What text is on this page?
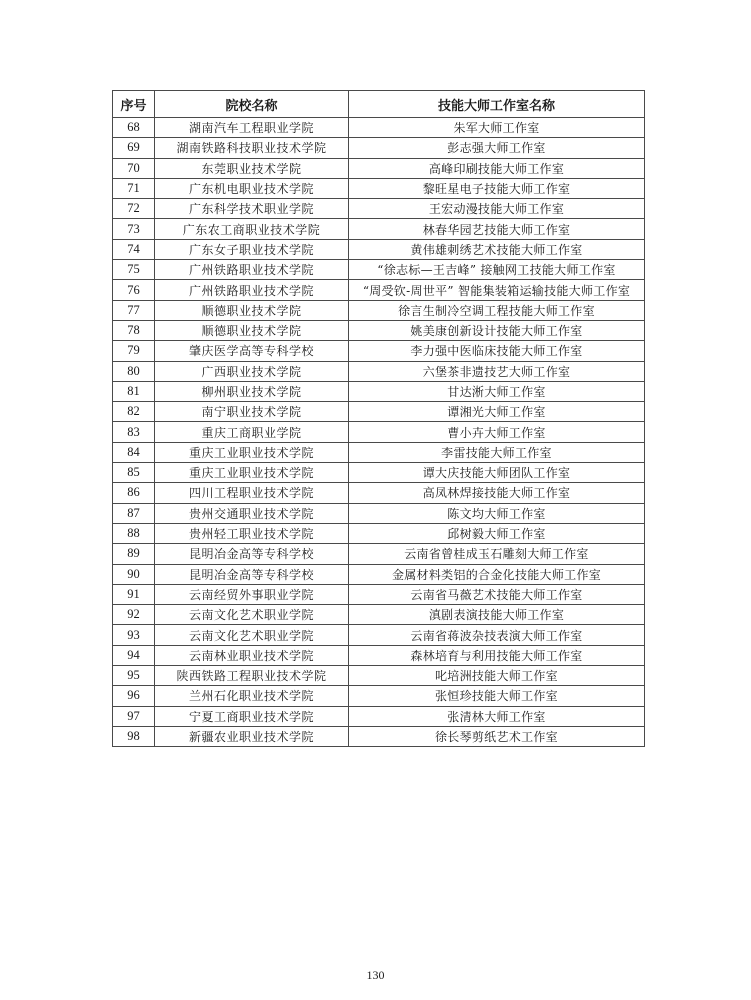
序号	院校名称	技能大师工作室名称
68	湖南汽车工程职业学院	朱军大师工作室
69	湖南铁路科技职业技术学院	彭志强大师工作室
70	东莞职业技术学院	高峰印刷技能大师工作室
71	广东机电职业技术学院	黎旺星电子技能大师工作室
72	广东科学技术职业学院	王宏动漫技能大师工作室
73	广东农工商职业技术学院	林春华园艺技能大师工作室
74	广东女子职业技术学院	黄伟雄刺绣艺术技能大师工作室
75	广州铁路职业技术学院	“徐志标—王吉峰” 接触网工技能大师工作室
76	广州铁路职业技术学院	“周受钦-周世平” 智能集装箱运输技能大师工作室
77	顺德职业技术学院	徐言生制冷空调工程技能大师工作室
78	顺德职业技术学院	姚美康创新设计技能大师工作室
79	肇庆医学高等专科学校	李力强中医临床技能大师工作室
80	广西职业技术学院	六堡茶非遗技艺大师工作室
81	柳州职业技术学院	甘达淅大师工作室
82	南宁职业技术学院	谭湘光大师工作室
83	重庆工商职业学院	曹小卉大师工作室
84	重庆工业职业技术学院	李雷技能大师工作室
85	重庆工业职业技术学院	谭大庆技能大师团队工作室
86	四川工程职业技术学院	高凤林焊接技能大师工作室
87	贵州交通职业技术学院	陈文均大师工作室
88	贵州轻工职业技术学院	邱树毅大师工作室
89	昆明冶金高等专科学校	云南省曾桂成玉石雕刻大师工作室
90	昆明冶金高等专科学校	金属材料类铝的合金化技能大师工作室
91	云南经贸外事职业学院	云南省马薇艺术技能大师工作室
92	云南文化艺术职业学院	滇剧表演技能大师工作室
93	云南文化艺术职业学院	云南省蒋波杂技表演大师工作室
94	云南林业职业技术学院	森林培育与利用技能大师工作室
95	陕西铁路工程职业技术学院	叱培洲技能大师工作室
96	兰州石化职业技术学院	张恒珍技能大师工作室
97	宁夏工商职业技术学院	张清林大师工作室
98	新疆农业职业技术学院	徐长琴剪纸艺术工作室
130
